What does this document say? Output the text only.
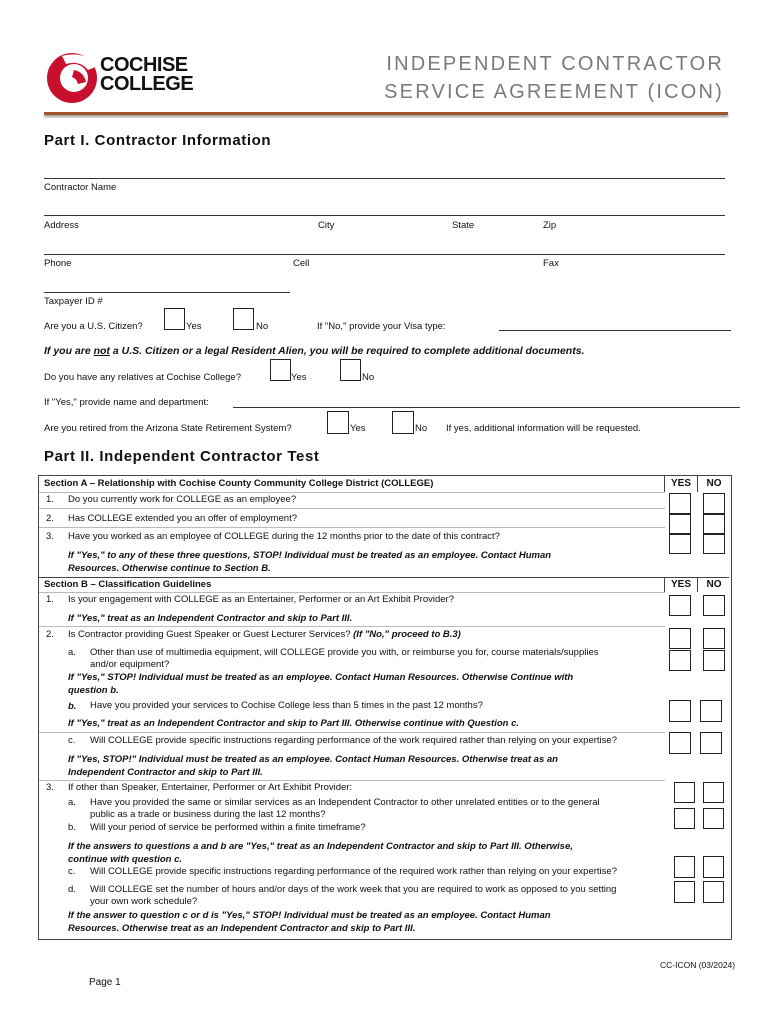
COCHISE
COLLEGE
INDEPENDENT CONTRACTOR
SERVICE AGREEMENT (ICON)
Part I. Contractor Information
Contractor Name
Address	City	State	Zip
Phone	Cell	Fax
Taxpayer ID #
Are you a U.S. Citizen?	Yes	No	If "No," provide your Visa type:
If you are not a U.S. Citizen or a legal Resident Alien, you will be required to complete additional documents.
Do you have any relatives at Cochise College?	Yes	No
If "Yes," provide name and department:
Are you retired from the Arizona State Retirement System?	Yes	No If yes, additional information will be requested.
Part II. Independent Contractor Test
Section A – Relationship with Cochise County Community College District (COLLEGE)	YES	NO
1. Do you currently work for COLLEGE as an employee?
2. Has COLLEGE extended you an offer of employment?
3. Have you worked as an employee of COLLEGE during the 12 months prior to the date of this contract?
If "Yes," to any of these three questions, STOP! Individual must be treated as an employee. Contact Human
Resources. Otherwise continue to Section B.
Section B – Classification Guidelines	YES	NO
1. Is your engagement with COLLEGE as an Entertainer, Performer or an Art Exhibit Provider?
If "Yes," treat as an Independent Contractor and skip to Part III.
2. Is Contractor providing Guest Speaker or Guest Lecturer Services? (If "No," proceed to B.3)
a. Other than use of multimedia equipment, will COLLEGE provide you with, or reimburse you for, course materials/supplies
and/or equipment?
If "Yes," STOP! Individual must be treated as an employee. Contact Human Resources. Otherwise Continue with
question b.
b. Have you provided your services to Cochise College less than 5 times in the past 12 months?
If "Yes," treat as an Independent Contractor and skip to Part III. Otherwise continue with Question c.
c. Will COLLEGE provide specific instructions regarding performance of the work required rather than relying on your expertise?
If "Yes, STOP!" Individual must be treated as an employee. Contact Human Resources. Otherwise treat as an
Independent Contractor and skip to Part III.
3. If other than Speaker, Entertainer, Performer or Art Exhibit Provider:
a. Have you provided the same or similar services as an Independent Contractor to other unrelated entities or to the general
public as a trade or business during the last 12 months?
b. Will your period of service be performed within a finite timeframe?
If the answers to questions a and b are "Yes," treat as an Independent Contractor and skip to Part III. Otherwise,
continue with question c.
c. Will COLLEGE provide specific instructions regarding performance of the required work rather than relying on your expertise?
d. Will COLLEGE set the number of hours and/or days of the work week that you are required to work as opposed to you setting
your own work schedule?
If the answer to question c or d is "Yes," STOP! Individual must be treated as an employee. Contact Human
Resources. Otherwise treat as an Independent Contractor and skip to Part III.
CC-ICON (03/2024)
Page 1
